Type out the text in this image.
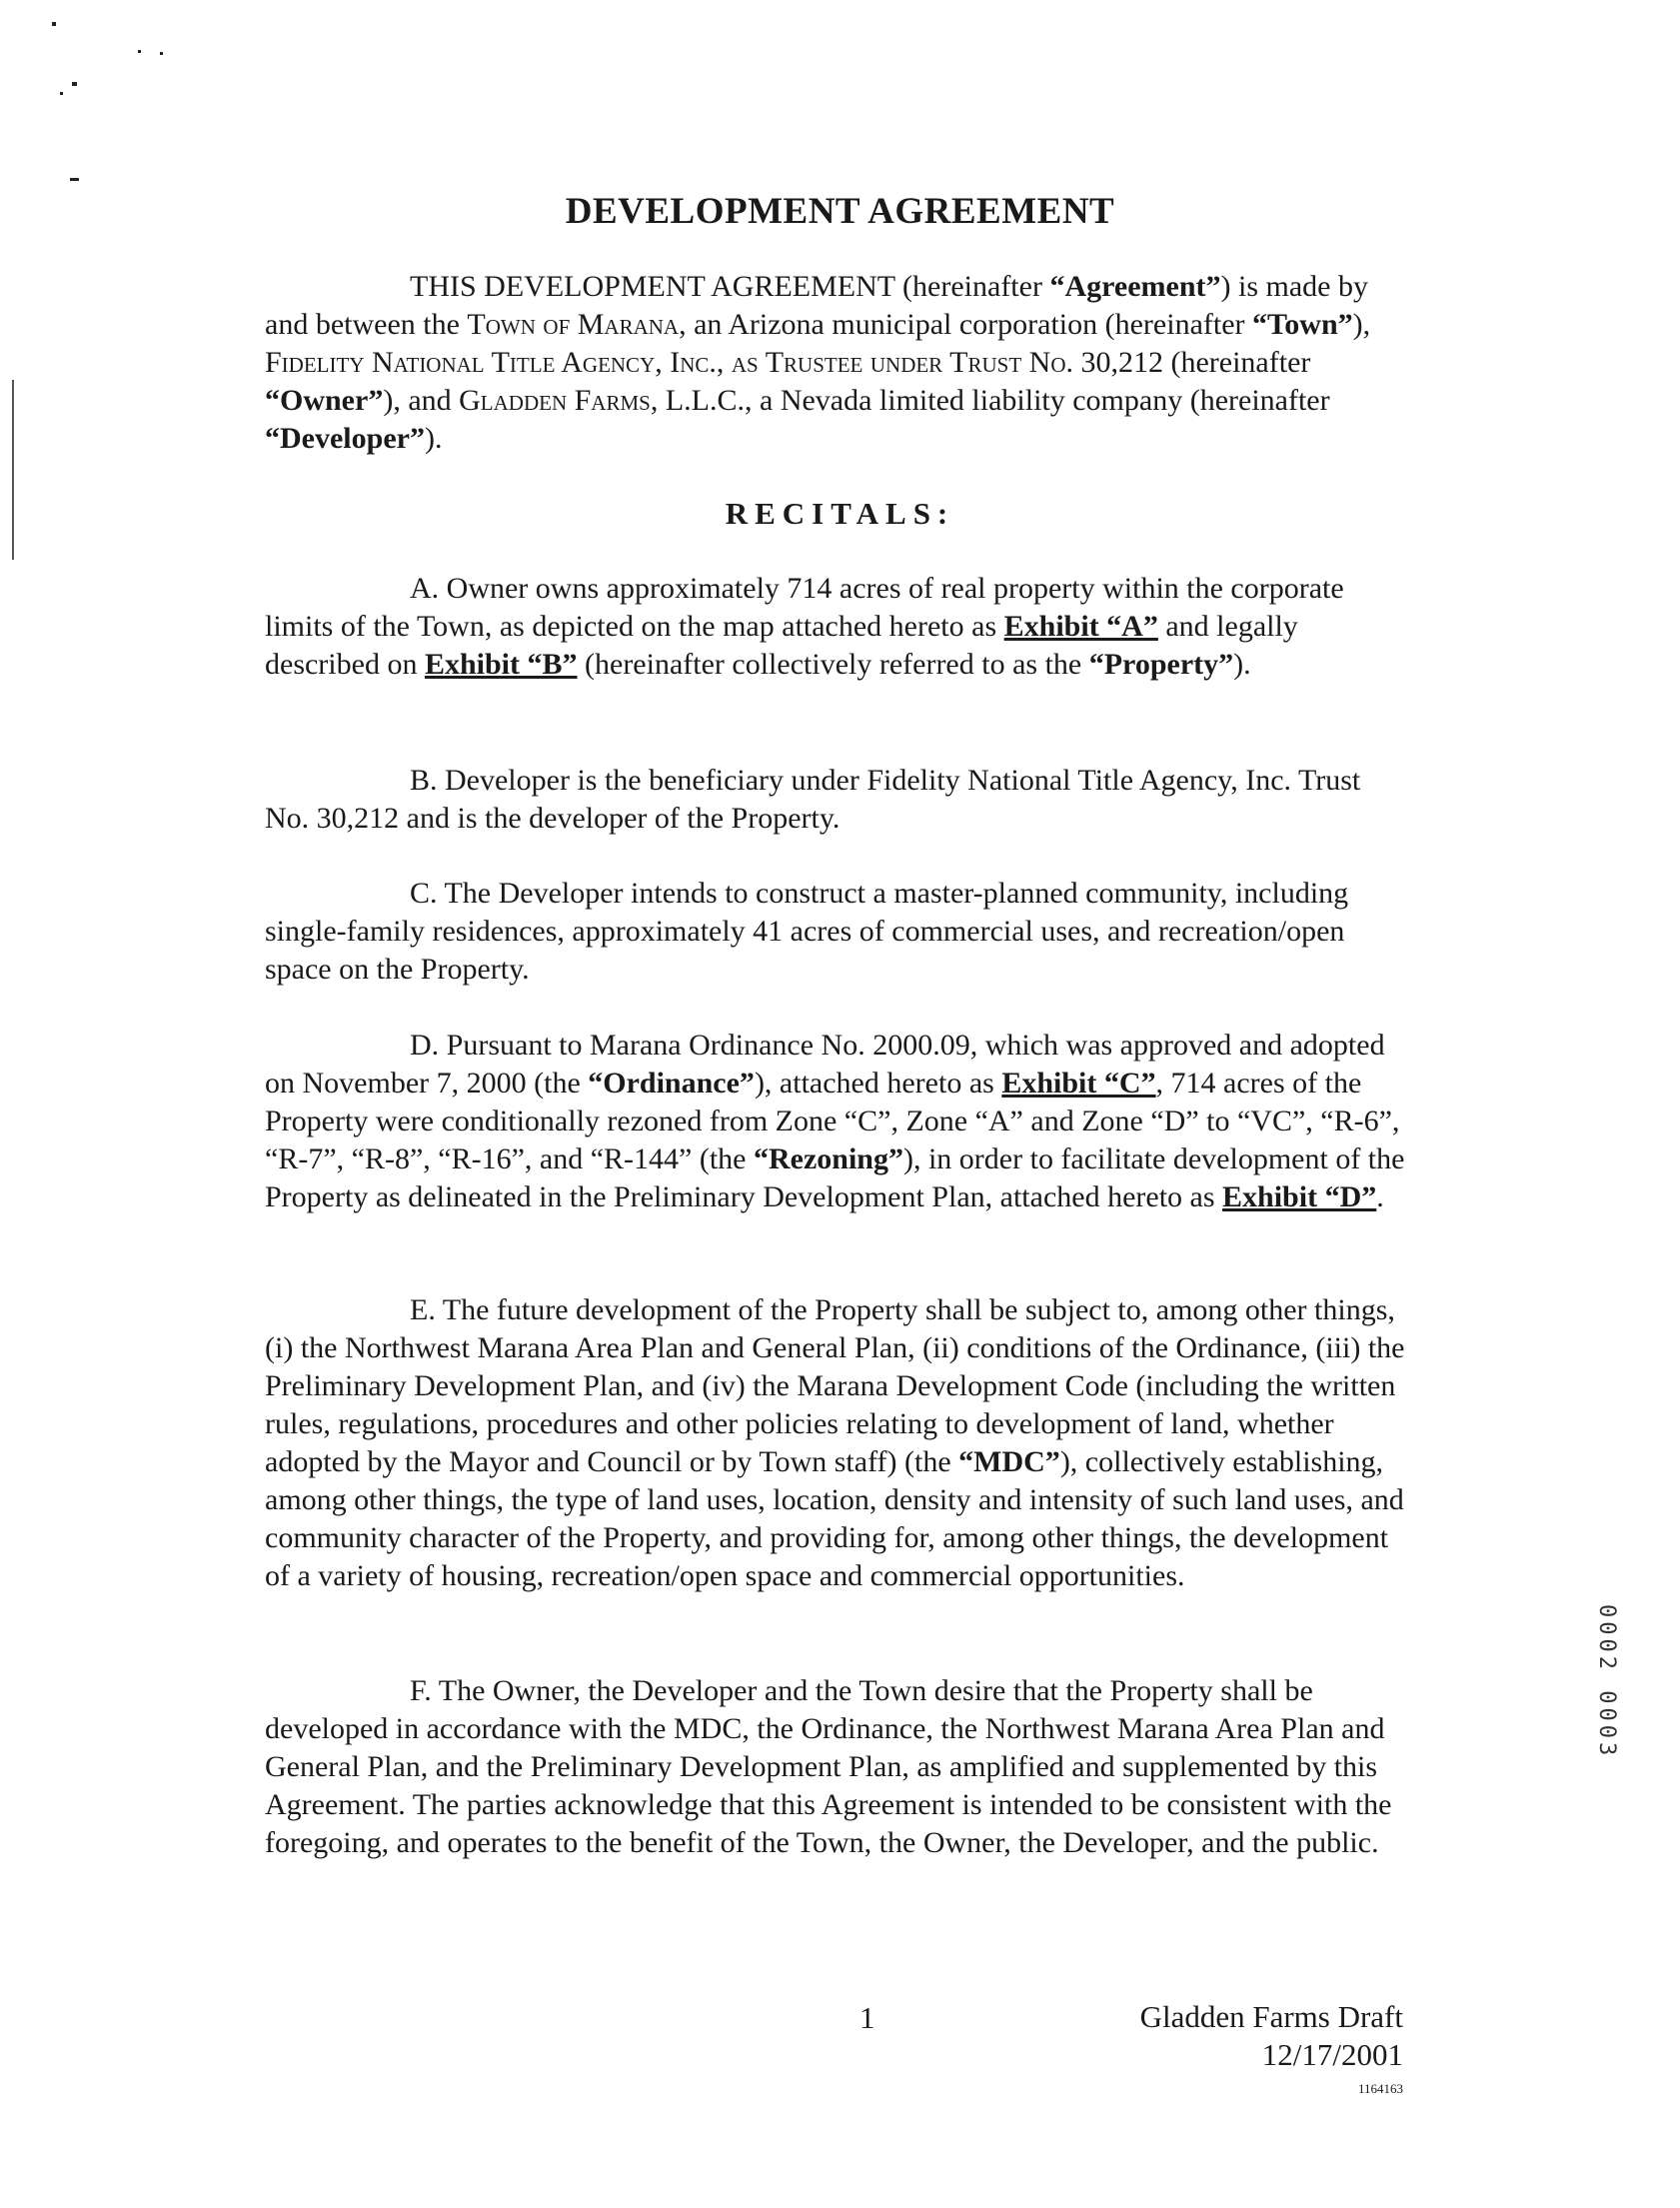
DEVELOPMENT AGREEMENT
THIS DEVELOPMENT AGREEMENT (hereinafter “Agreement”) is made by and between the Town of Marana, an Arizona municipal corporation (hereinafter “Town”), Fidelity National Title Agency, Inc., as Trustee under Trust No. 30,212 (hereinafter “Owner”), and Gladden Farms, L.L.C., a Nevada limited liability company (hereinafter “Developer”).
RECITALS:
A. Owner owns approximately 714 acres of real property within the corporate limits of the Town, as depicted on the map attached hereto as Exhibit “A” and legally described on Exhibit “B” (hereinafter collectively referred to as the “Property”).
B. Developer is the beneficiary under Fidelity National Title Agency, Inc. Trust No. 30,212 and is the developer of the Property.
C. The Developer intends to construct a master-planned community, including single-family residences, approximately 41 acres of commercial uses, and recreation/open space on the Property.
D. Pursuant to Marana Ordinance No. 2000.09, which was approved and adopted on November 7, 2000 (the “Ordinance”), attached hereto as Exhibit “C”, 714 acres of the Property were conditionally rezoned from Zone “C”, Zone “A” and Zone “D” to “VC”, “R-6”, “R-7”, “R-8”, “R-16”, and “R-144” (the “Rezoning”), in order to facilitate development of the Property as delineated in the Preliminary Development Plan, attached hereto as Exhibit “D”.
E. The future development of the Property shall be subject to, among other things, (i) the Northwest Marana Area Plan and General Plan, (ii) conditions of the Ordinance, (iii) the Preliminary Development Plan, and (iv) the Marana Development Code (including the written rules, regulations, procedures and other policies relating to development of land, whether adopted by the Mayor and Council or by Town staff) (the “MDC”), collectively establishing, among other things, the type of land uses, location, density and intensity of such land uses, and community character of the Property, and providing for, among other things, the development of a variety of housing, recreation/open space and commercial opportunities.
F. The Owner, the Developer and the Town desire that the Property shall be developed in accordance with the MDC, the Ordinance, the Northwest Marana Area Plan and General Plan, and the Preliminary Development Plan, as amplified and supplemented by this Agreement. The parties acknowledge that this Agreement is intended to be consistent with the foregoing, and operates to the benefit of the Town, the Owner, the Developer, and the public.
0002 0003
1	Gladden Farms Draft
12/17/2001
1164163
